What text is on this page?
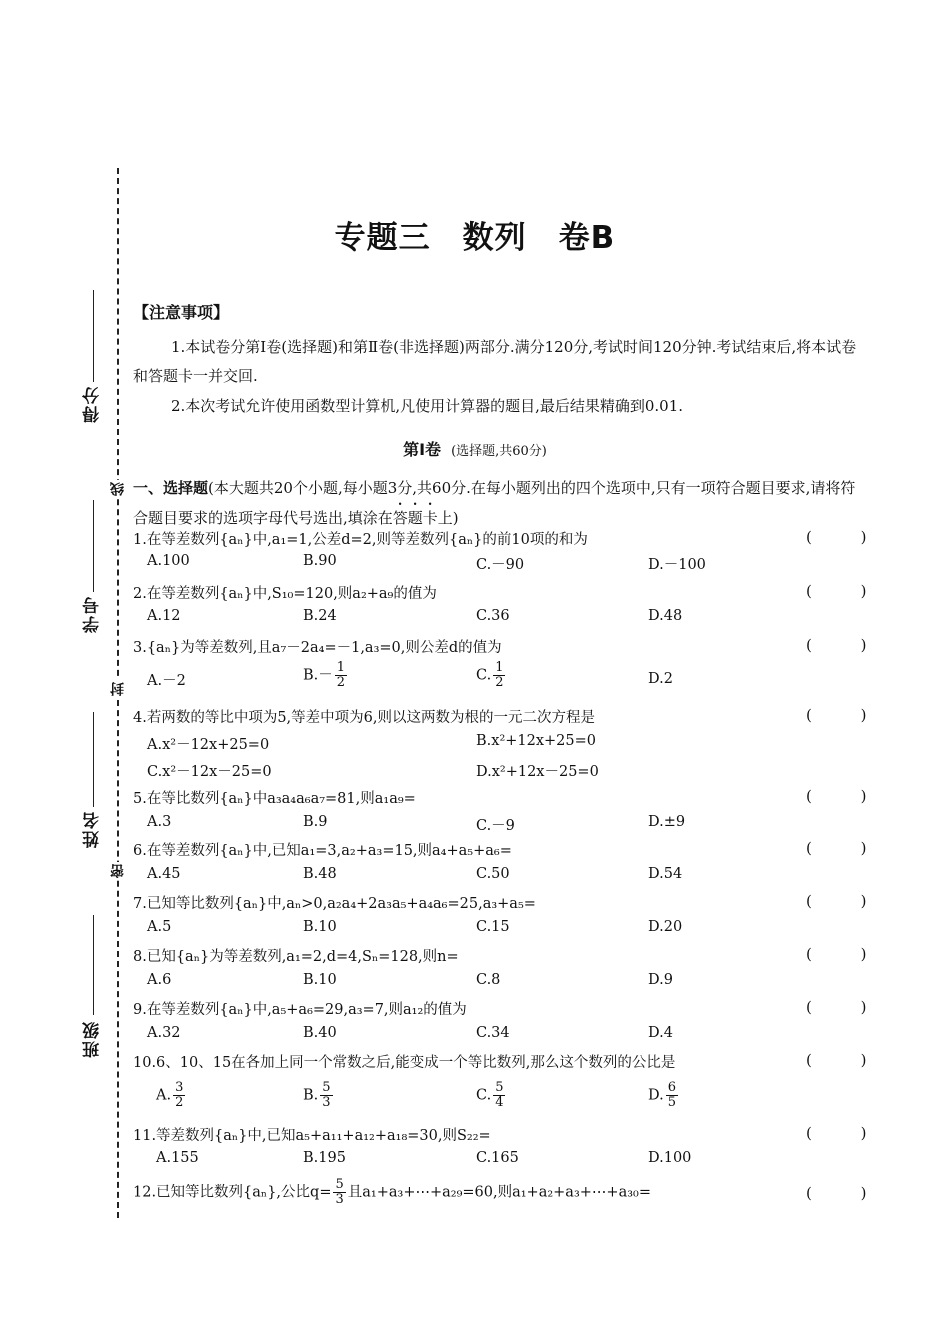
得分
学号
姓名
班级
线
封
密
专题三 数列 卷B
【注意事项】
1.本试卷分第Ⅰ卷(选择题)和第Ⅱ卷(非选择题)两部分.满分120分,考试时间120分钟.考试结束后,将本试卷和答题卡一并交回.
2.本次考试允许使用函数型计算机,凡使用计算器的题目,最后结果精确到0.01.
第Ⅰ卷 (选择题,共60分)
一、选择题(本大题共20个小题,每小题3分,共60分.在每小题列出的四个选项中,只有一项符合题目要求,请将符合题目要求的选项字母代号选出,填涂在答题卡上)
1.在等差数列{aₙ}中,a₁=1,公差d=2,则等差数列{aₙ}的前10项的和为	( )
A.100	B.90	C.－90	D.－100
2.在等差数列{aₙ}中,S₁₀=120,则a₂+a₉的值为	( )
A.12	B.24	C.36	D.48
3.{aₙ}为等差数列,且a₇－2a₄=－1,a₃=0,则公差d的值为	( )
A.－2	$B.- \frac{1}{2}$	C. $\frac{1}{2}$	D.2
4.若两数的等比中项为5,等差中项为6,则以这两数为根的一元二次方程是	( )
A.x²－12x+25=0	B.x²+12x+25=0
C.x²－12x－25=0	D.x²+12x－25=0
5.在等比数列{aₙ}中a₃a₄a₆a₇=81,则a₁a₉=	( )
A.3	B.9	C.－9	D.±9
6.在等差数列{aₙ}中,已知a₁=3,a₂+a₃=15,则a₄+a₅+a₆=	( )
A.45	B.48	C.50	D.54
7.已知等比数列{aₙ}中,aₙ>0,a₂a₄+2a₃a₅+a₄a₆=25,a₃+a₅=	( )
A.5	B.10	C.15	D.20
8.已知{aₙ}为等差数列,a₁=2,d=4,Sₙ=128,则n=	( )
A.6	B.10	C.8	D.9
9.在等差数列{aₙ}中,a₅+a₆=29,a₃=7,则a₁₂的值为	( )
A.32	B.40	C.34	D.4
10.6、10、15在各加上同一个常数之后,能变成一个等比数列,那么这个数列的公比是	( )
A. $\frac{3}{2}$	B. $\frac{5}{3}$	C. $\frac{5}{4}$	D. $\frac{6}{5}$
11.等差数列{aₙ}中,已知a₅+a₁₁+a₁₂+a₁₈=30,则S₂₂=	( )
A.155	B.195	C.165	D.100
12.已知等比数列{aₙ},公比$q= \frac{5}{3}$ 且a₁+a₃+⋯+a₂₉=60,则a₁+a₂+a₃+⋯+a₃₀=	( )
